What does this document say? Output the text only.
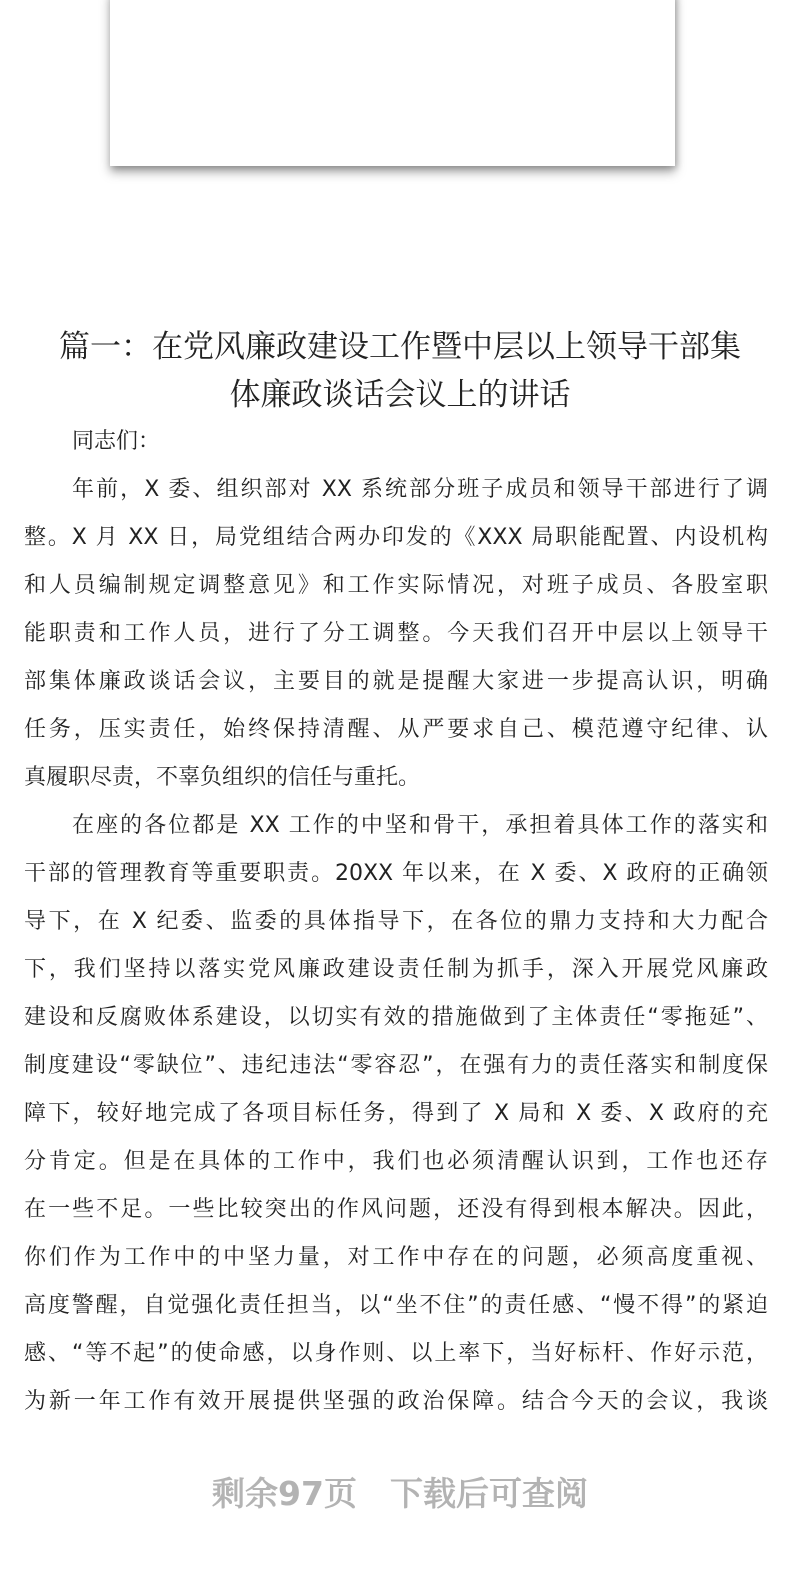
篇一：在党风廉政建设工作暨中层以上领导干部集
体廉政谈话会议上的讲话
同志们：
年前，X 委、组织部对 XX 系统部分班子成员和领导干部进行了调
整。X 月 XX 日，局党组结合两办印发的《XXX 局职能配置、内设机构
和人员编制规定调整意见》和工作实际情况，对班子成员、各股室职
能职责和工作人员，进行了分工调整。今天我们召开中层以上领导干
部集体廉政谈话会议，主要目的就是提醒大家进一步提高认识，明确
任务，压实责任，始终保持清醒、从严要求自己、模范遵守纪律、认
真履职尽责，不辜负组织的信任与重托。
在座的各位都是 XX 工作的中坚和骨干，承担着具体工作的落实和
干部的管理教育等重要职责。20XX 年以来，在 X 委、X 政府的正确领
导下，在 X 纪委、监委的具体指导下，在各位的鼎力支持和大力配合
下，我们坚持以落实党风廉政建设责任制为抓手，深入开展党风廉政
建设和反腐败体系建设，以切实有效的措施做到了主体责任“零拖延”、
制度建设“零缺位”、违纪违法“零容忍”，在强有力的责任落实和制度保
障下，较好地完成了各项目标任务，得到了 X 局和 X 委、X 政府的充
分肯定。但是在具体的工作中，我们也必须清醒认识到，工作也还存
在一些不足。一些比较突出的作风问题，还没有得到根本解决。因此，
你们作为工作中的中坚力量，对工作中存在的问题，必须高度重视、
高度警醒，自觉强化责任担当，以“坐不住”的责任感、“慢不得”的紧迫
感、“等不起”的使命感，以身作则、以上率下，当好标杆、作好示范，
为新一年工作有效开展提供坚强的政治保障。结合今天的会议，我谈
剩余97页　下载后可查阅
